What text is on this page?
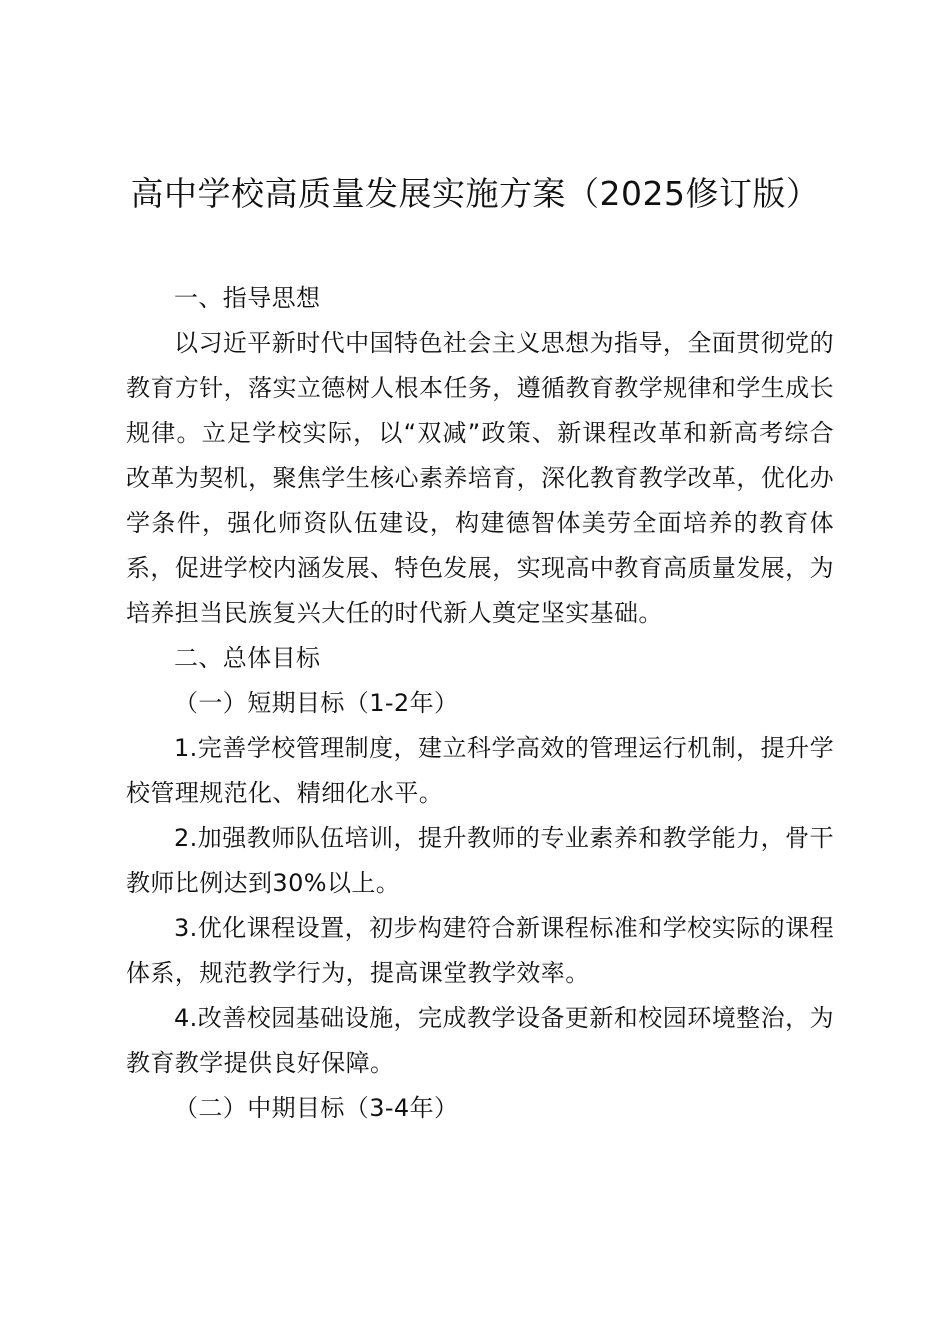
高中学校高质量发展实施方案（2025修订版）

一、指导思想

以习近平新时代中国特色社会主义思想为指导，全面贯彻党的教育方针，落实立德树人根本任务，遵循教育教学规律和学生成长规律。立足学校实际，以“双减”政策、新课程改革和新高考综合改革为契机，聚焦学生核心素养培育，深化教育教学改革，优化办学条件，强化师资队伍建设，构建德智体美劳全面培养的教育体系，促进学校内涵发展、特色发展，实现高中教育高质量发展，为培养担当民族复兴大任的时代新人奠定坚实基础。

二、总体目标

（一）短期目标（1-2年）

1.完善学校管理制度，建立科学高效的管理运行机制，提升学校管理规范化、精细化水平。

2.加强教师队伍培训，提升教师的专业素养和教学能力，骨干教师比例达到30%以上。

3.优化课程设置，初步构建符合新课程标准和学校实际的课程体系，规范教学行为，提高课堂教学效率。

4.改善校园基础设施，完成教学设备更新和校园环境整治，为教育教学提供良好保障。

（二）中期目标（3-4年）
